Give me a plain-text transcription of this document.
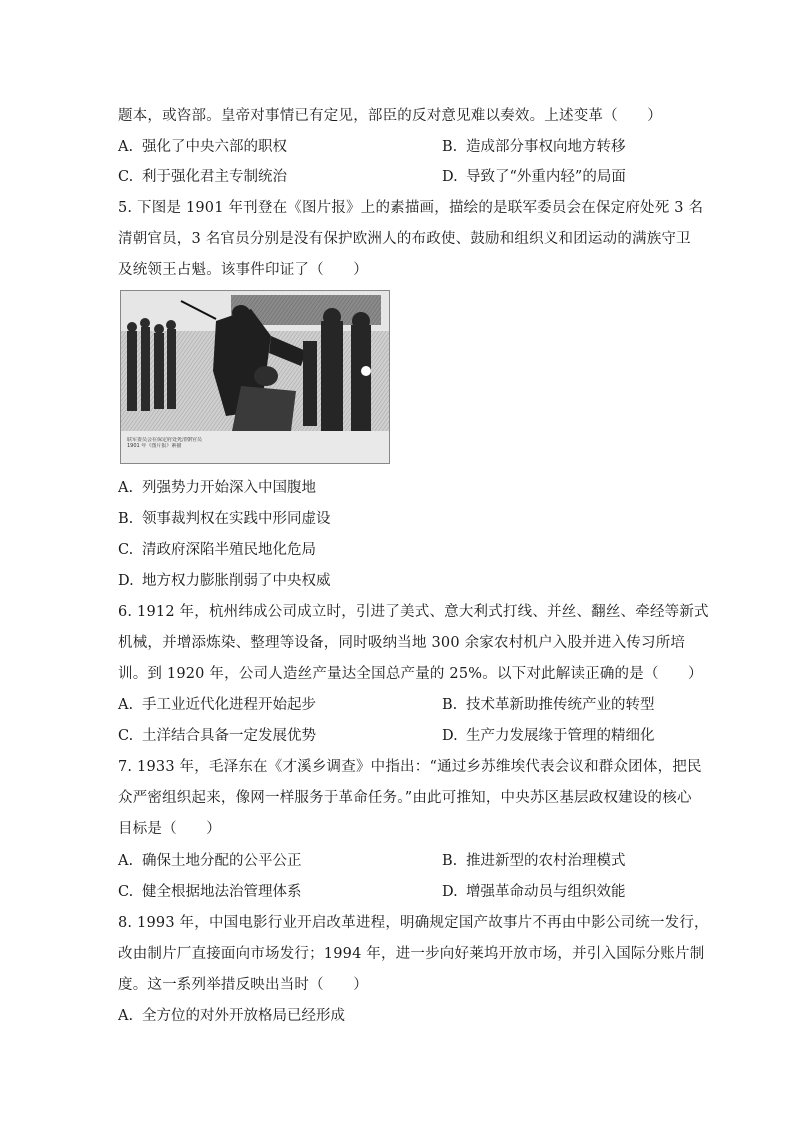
题本，或咨部。皇帝对事情已有定见，部臣的反对意见难以奏效。上述变革（　　）
A. 强化了中央六部的职权	B. 造成部分事权向地方转移
C. 利于强化君主专制统治	D. 导致了“外重内轻”的局面
5. 下图是 1901 年刊登在《图片报》上的素描画，描绘的是联军委员会在保定府处死 3 名
清朝官员，3 名官员分别是没有保护欧洲人的布政使、鼓励和组织义和团运动的满族守卫
及统领王占魁。该事件印证了（　　）
联军委员会在保定府处死清朝官员
1901 年《图片报》素描
A. 列强势力开始深入中国腹地
B. 领事裁判权在实践中形同虚设
C. 清政府深陷半殖民地化危局
D. 地方权力膨胀削弱了中央权威
6. 1912 年，杭州纬成公司成立时，引进了美式、意大利式打线、并丝、翻丝、牵经等新式
机械，并增添炼染、整理等设备，同时吸纳当地 300 余家农村机户入股并进入传习所培
训。到 1920 年，公司人造丝产量达全国总产量的 25%。以下对此解读正确的是（　　）
A. 手工业近代化进程开始起步	B. 技术革新助推传统产业的转型
C. 土洋结合具备一定发展优势	D. 生产力发展缘于管理的精细化
7. 1933 年，毛泽东在《才溪乡调查》中指出：“通过乡苏维埃代表会议和群众团体，把民
众严密组织起来，像网一样服务于革命任务。”由此可推知，中央苏区基层政权建设的核心
目标是（　　）
A. 确保土地分配的公平公正	B. 推进新型的农村治理模式
C. 健全根据地法治管理体系	D. 增强革命动员与组织效能
8. 1993 年，中国电影行业开启改革进程，明确规定国产故事片不再由中影公司统一发行，
改由制片厂直接面向市场发行；1994 年，进一步向好莱坞开放市场，并引入国际分账片制
度。这一系列举措反映出当时（　　）
A. 全方位的对外开放格局已经形成
